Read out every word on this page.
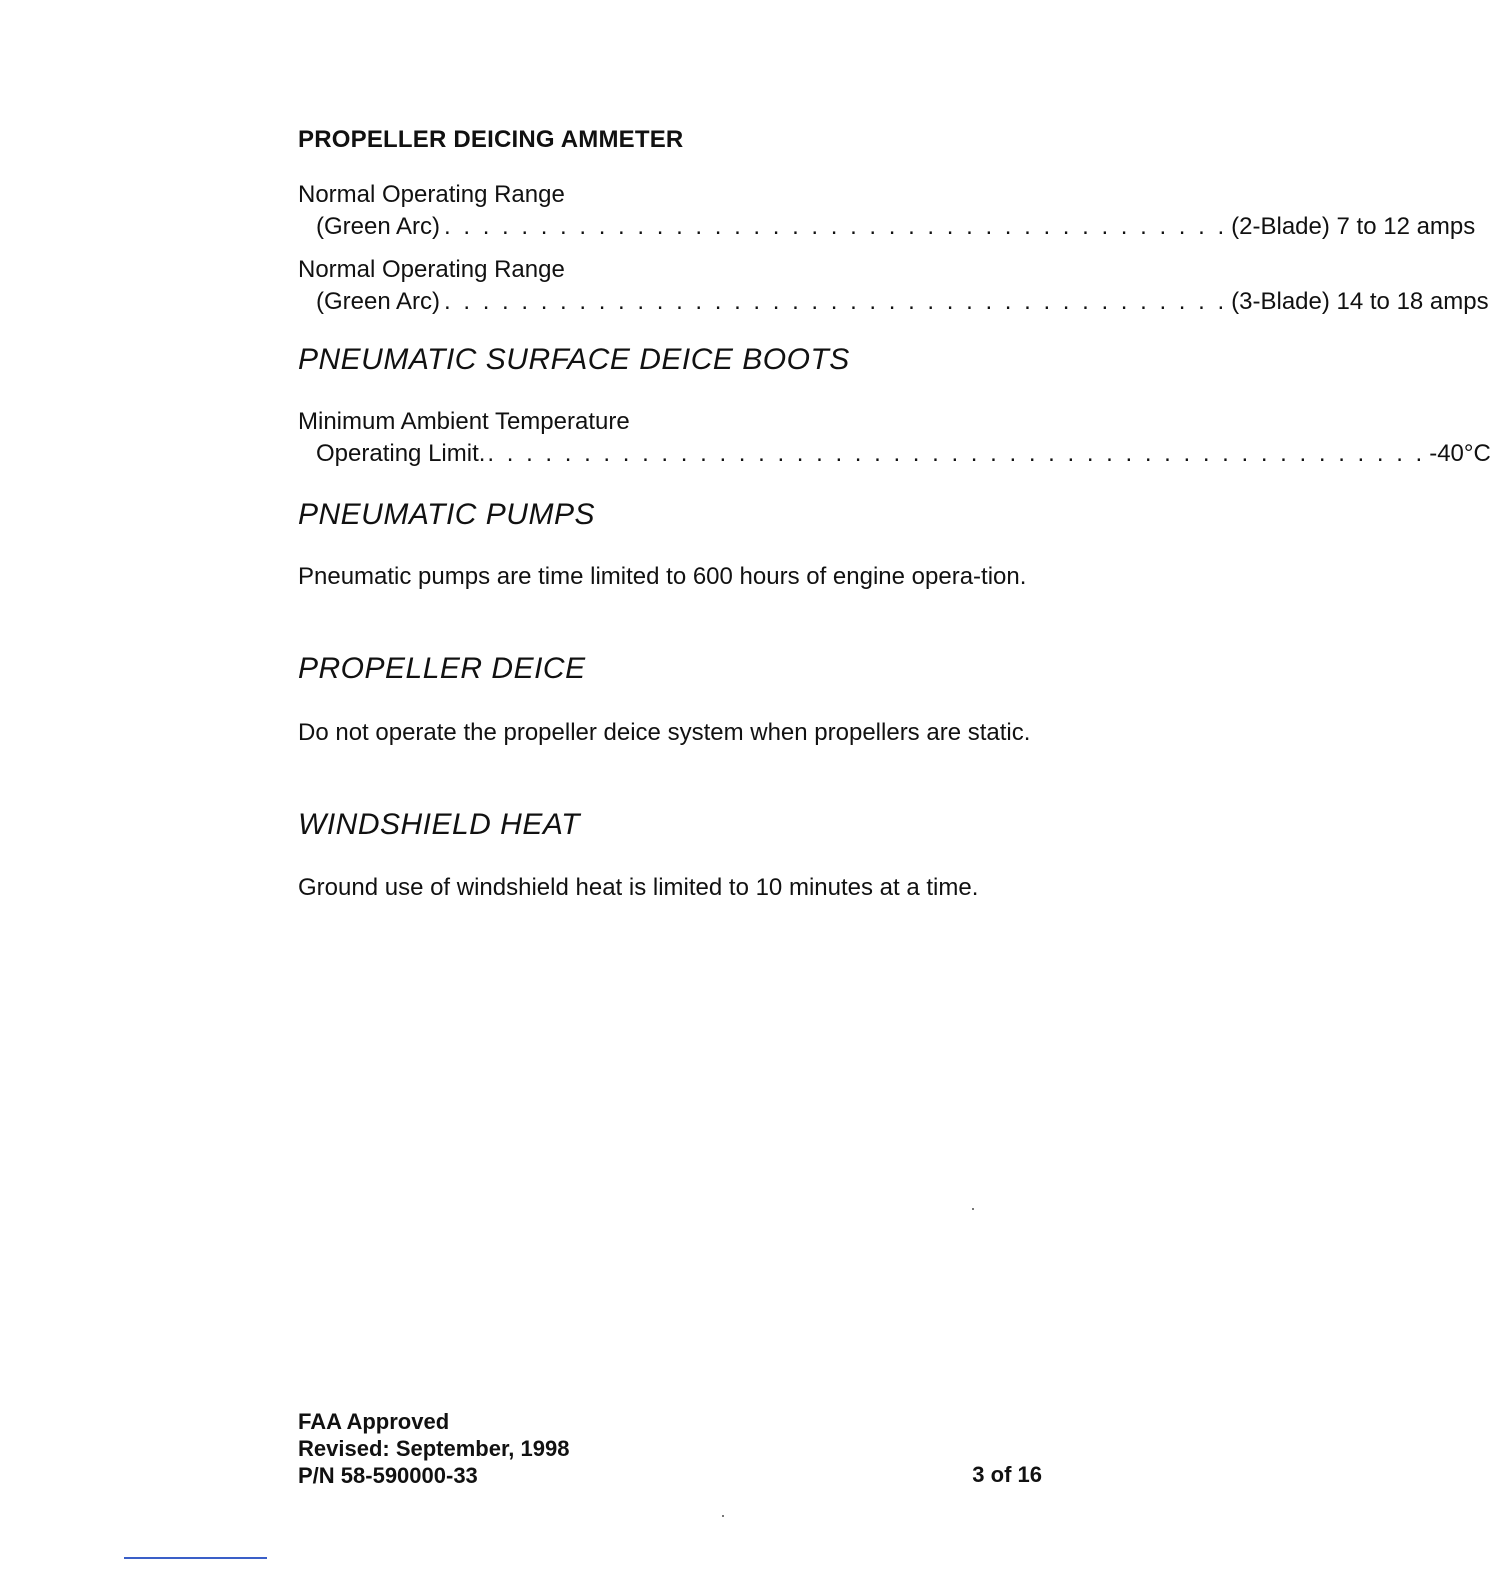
PROPELLER DEICING AMMETER
Normal Operating Range
(Green Arc) . . . . . . . . . . . . . . . . . . . . . . . . . . . . . . . . . . . . . . . . . (2-Blade) 7 to 12 amps
Normal Operating Range
(Green Arc) . . . . . . . . . . . . . . . . . . . . . . . . . . . . . . . . . . . . . . . . . (3-Blade) 14 to 18 amps
PNEUMATIC SURFACE DEICE BOOTS
Minimum Ambient Temperature
Operating Limit. . . . . . . . . . . . . . . . . . . . . . . . . . . . . . . . . . . . . . . . . . . . . . . . . . -40°C
PNEUMATIC PUMPS
Pneumatic pumps are time limited to 600 hours of engine opera-tion.
PROPELLER DEICE
Do not operate the propeller deice system when propellers are static.
WINDSHIELD HEAT
Ground use of windshield heat is limited to 10 minutes at a time.
FAA Approved
Revised: September, 1998
P/N 58-590000-33	3 of 16
